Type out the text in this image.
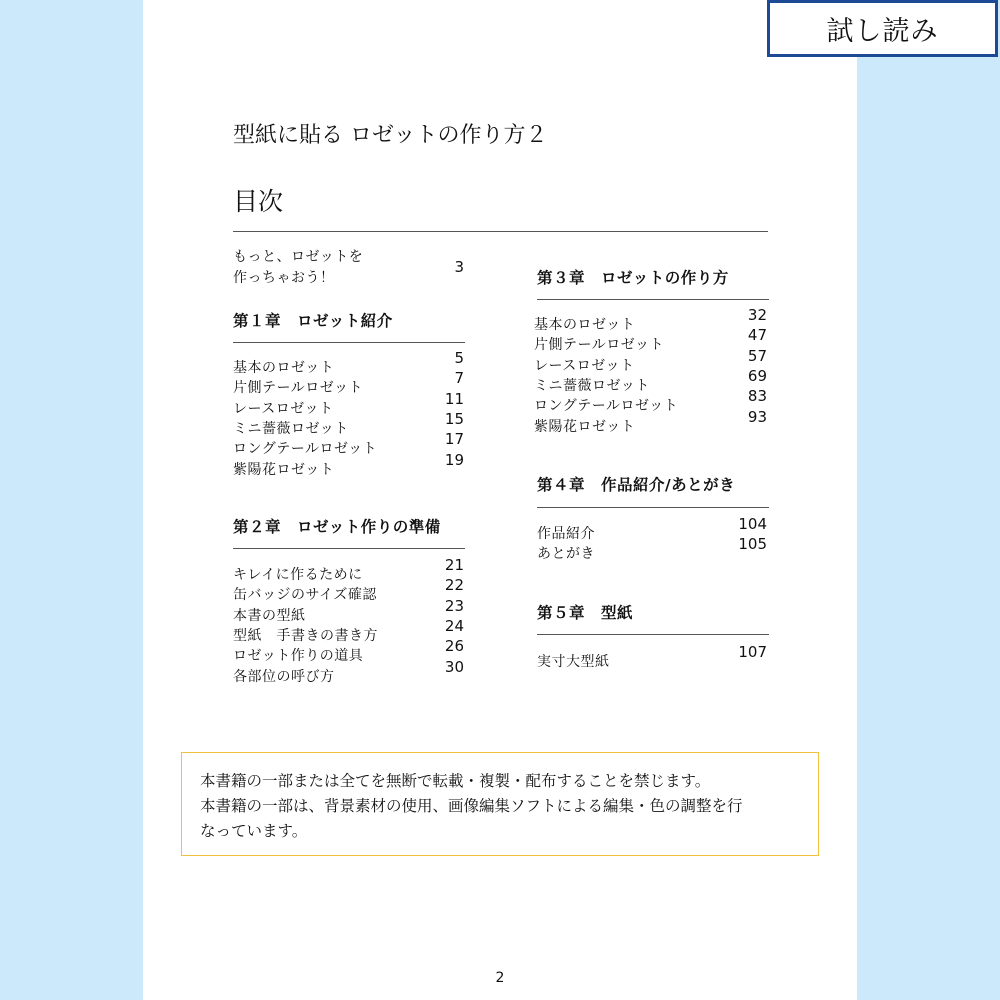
試し読み
型紙に貼る ロゼットの作り方２
目次
もっと、ロゼットを
作っちゃおう！
3
第１章　ロゼット紹介
基本のロゼット
5
片側テールロゼット
7
レースロゼット
11
ミニ薔薇ロゼット
15
ロングテールロゼット
17
紫陽花ロゼット
19
第２章　ロゼット作りの準備
キレイに作るために
21
缶バッジのサイズ確認
22
本書の型紙
23
型紙　手書きの書き方
24
ロゼット作りの道具
26
各部位の呼び方
30
第３章　ロゼットの作り方
基本のロゼット
32
片側テールロゼット
47
レースロゼット
57
ミニ薔薇ロゼット
69
ロングテールロゼット
83
紫陽花ロゼット
93
第４章　作品紹介/あとがき
作品紹介
104
あとがき
105
第５章　型紙
実寸大型紙
107
本書籍の一部または全てを無断で転載・複製・配布することを禁じます。
本書籍の一部は、背景素材の使用、画像編集ソフトによる編集・色の調整を行
なっています。
2
